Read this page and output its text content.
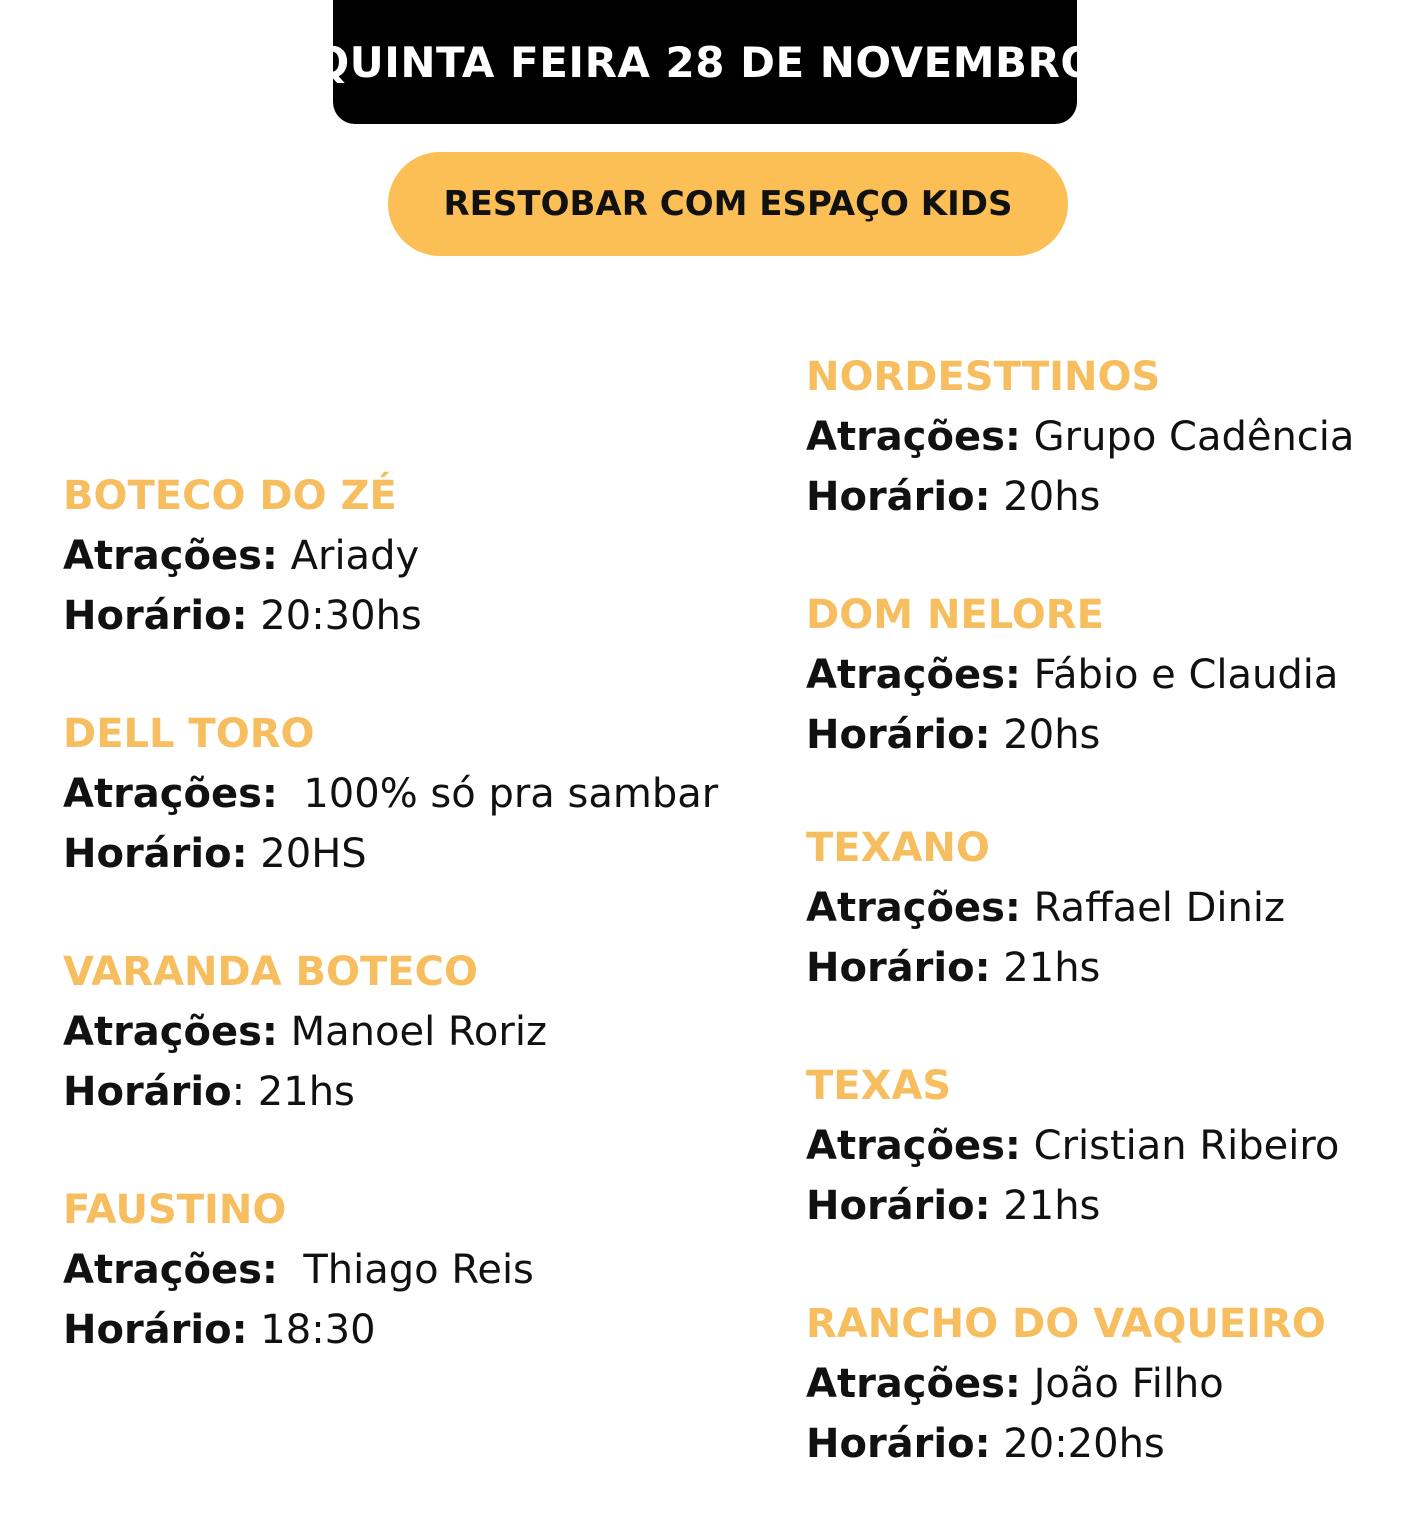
QUINTA FEIRA 28 DE NOVEMBRO
RESTOBAR COM ESPAÇO KIDS
BOTECO DO ZÉ
Atrações: Ariady
Horário: 20:30hs
DELL TORO
Atrações:  100% só pra sambar
Horário: 20HS
VARANDA BOTECO
Atrações: Manoel Roriz
Horário: 21hs
FAUSTINO
Atrações:  Thiago Reis
Horário: 18:30
NORDESTTINOS
Atrações: Grupo Cadência
Horário: 20hs
DOM NELORE
Atrações: Fábio e Claudia
Horário: 20hs
TEXANO
Atrações: Raffael Diniz
Horário: 21hs
TEXAS
Atrações: Cristian Ribeiro
Horário: 21hs
RANCHO DO VAQUEIRO
Atrações: João Filho
Horário: 20:20hs
